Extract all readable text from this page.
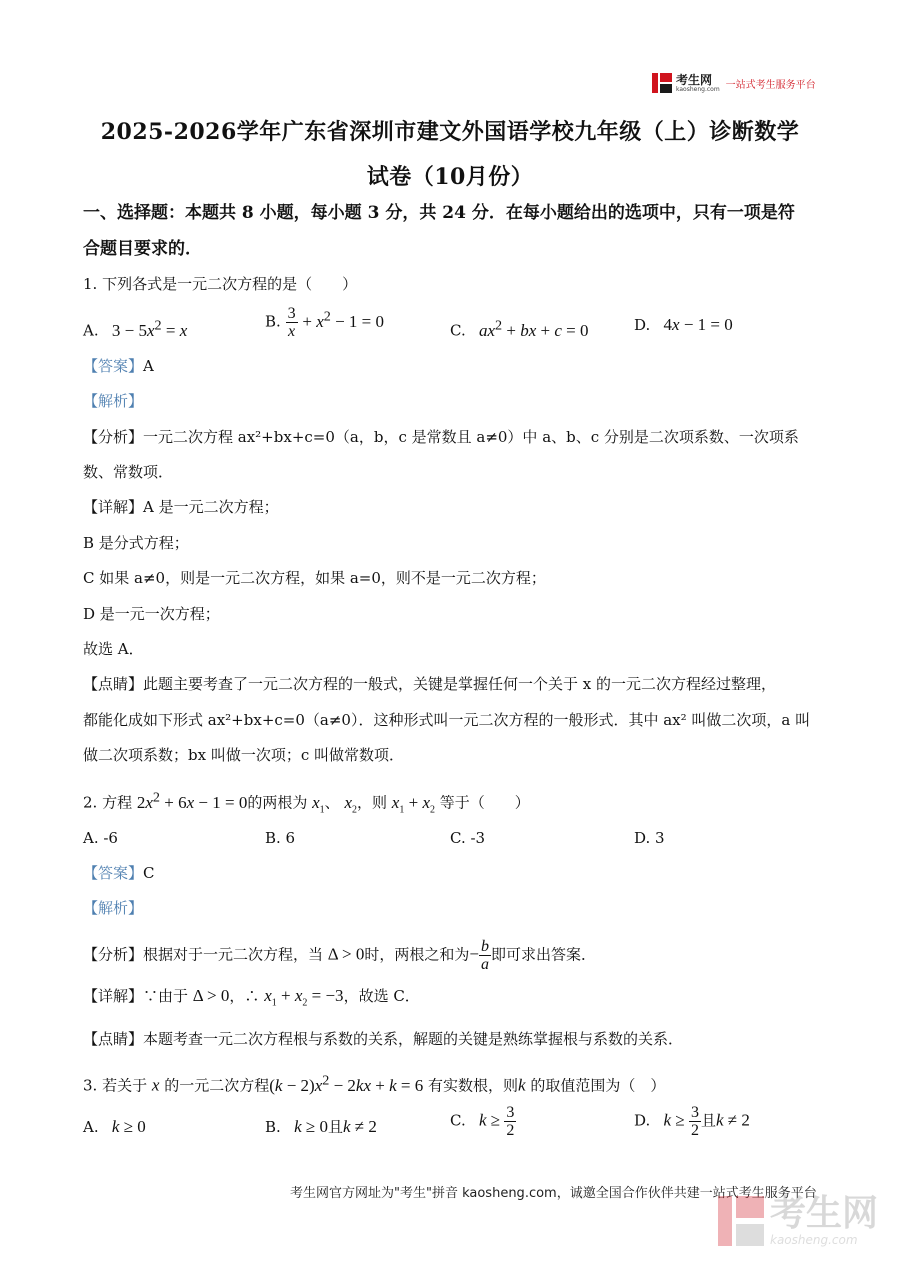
考生网
kaosheng.com 一站式考生服务平台
2025-2026学年广东省深圳市建文外国语学校九年级（上）诊断数学
试卷（10月份）
一、选择题：本题共 8 小题，每小题 3 分，共 24 分．在每小题给出的选项中，只有一项是符
合题目要求的．
1. 下列各式是一元二次方程的是（　　）
A.   $3 - 5x^2 = x$	B. $\frac{3}{x} + x^2 - 1 = 0$	C. $ax^2$ + bx + c = 0	D.   4x − 1 = 0
【答案】A
【解析】
【分析】一元二次方程 ax²+bx+c=0（a，b，c 是常数且 a≠0）中 a、b、c 分别是二次项系数、一次项系
数、常数项．
【详解】A 是一元二次方程；
B 是分式方程；
C 如果 a≠0，则是一元二次方程，如果 a=0，则不是一元二次方程；
D 是一元一次方程；
故选 A．
【点睛】此题主要考查了一元二次方程的一般式，关键是掌握任何一个关于 x 的一元二次方程经过整理，
都能化成如下形式 ax²+bx+c=0（a≠0）．这种形式叫一元二次方程的一般形式．其中 ax² 叫做二次项，a 叫
做二次项系数；bx 叫做一次项；c 叫做常数项．
2. 方程 $2x^2 + 6x - 1 = 0$的两根为 $x_1$、 $x_2$，则 $x_1 + x_2$ 等于（　　）
A. -6	B. 6	C. -3	D. 3
【答案】C
【解析】
【分析】根据对于一元二次方程，当 Δ > 0时，两根之和为− $\frac{b}{a}$ 即可求出答案．
【详解】∵由于 Δ > 0，∴ $x_1 + x_2 = -3$，故选 C．
【点睛】本题考查一元二次方程根与系数的关系，解题的关键是熟练掌握根与系数的关系．
3. 若关于 x 的一元二次方程$(k - 2)x^2 - 2kx + k = 6$ 有实数根，则k 的取值范围为（　）
A. k ≥ 0	B. k ≥ 0且k ≠ 2	C. $k \ge \frac{3}{2}$	D. $k \ge \frac{3}{2}$ 且k ≠ 2
考生网官方网址为"考生"拼音 kaosheng.com，诚邀全国合作伙伴共建一站式考生服务平台
考生网
kaosheng.com
